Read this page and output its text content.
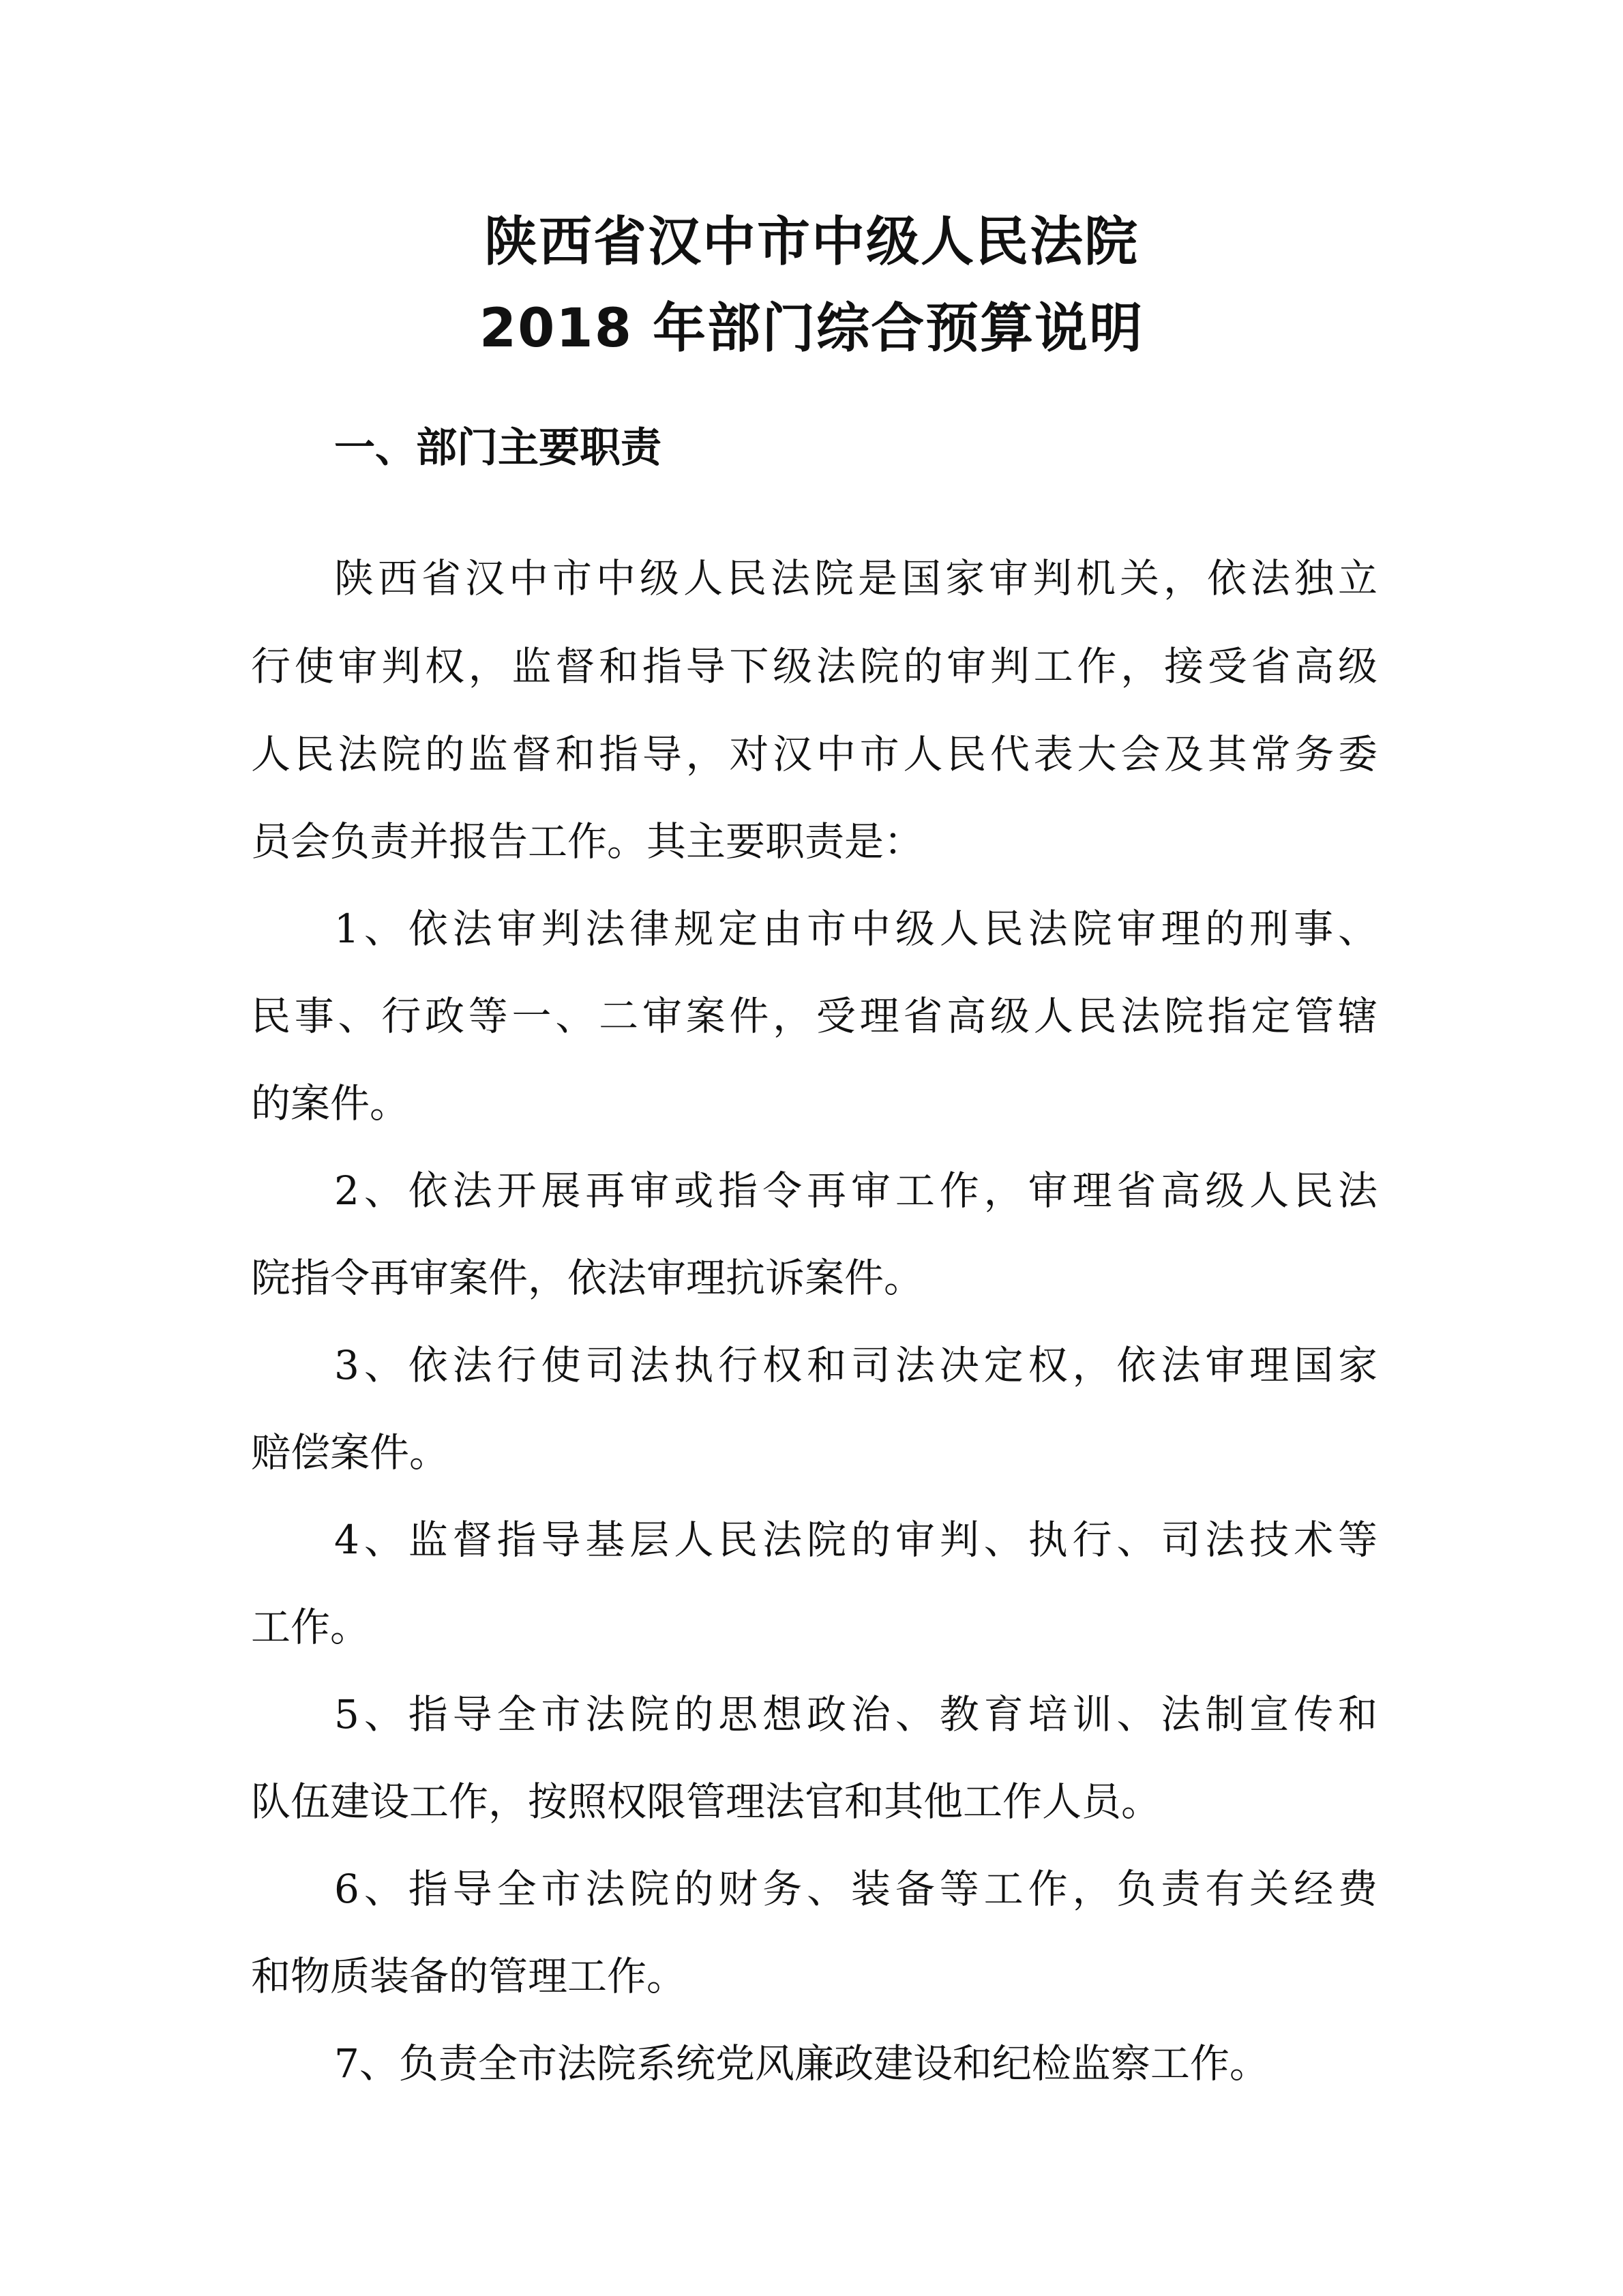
陕西省汉中市中级人民法院
2018 年部门综合预算说明
一、部门主要职责
陕西省汉中市中级人民法院是国家审判机关，依法独立
行使审判权，监督和指导下级法院的审判工作，接受省高级
人民法院的监督和指导，对汉中市人民代表大会及其常务委
员会负责并报告工作。其主要职责是：
1、依法审判法律规定由市中级人民法院审理的刑事、
民事、行政等一、二审案件，受理省高级人民法院指定管辖
的案件。
2、依法开展再审或指令再审工作，审理省高级人民法
院指令再审案件，依法审理抗诉案件。
3、依法行使司法执行权和司法决定权，依法审理国家
赔偿案件。
4、监督指导基层人民法院的审判、执行、司法技术等
工作。
5、指导全市法院的思想政治、教育培训、法制宣传和
队伍建设工作，按照权限管理法官和其他工作人员。
6、指导全市法院的财务、装备等工作，负责有关经费
和物质装备的管理工作。
7、负责全市法院系统党风廉政建设和纪检监察工作。
